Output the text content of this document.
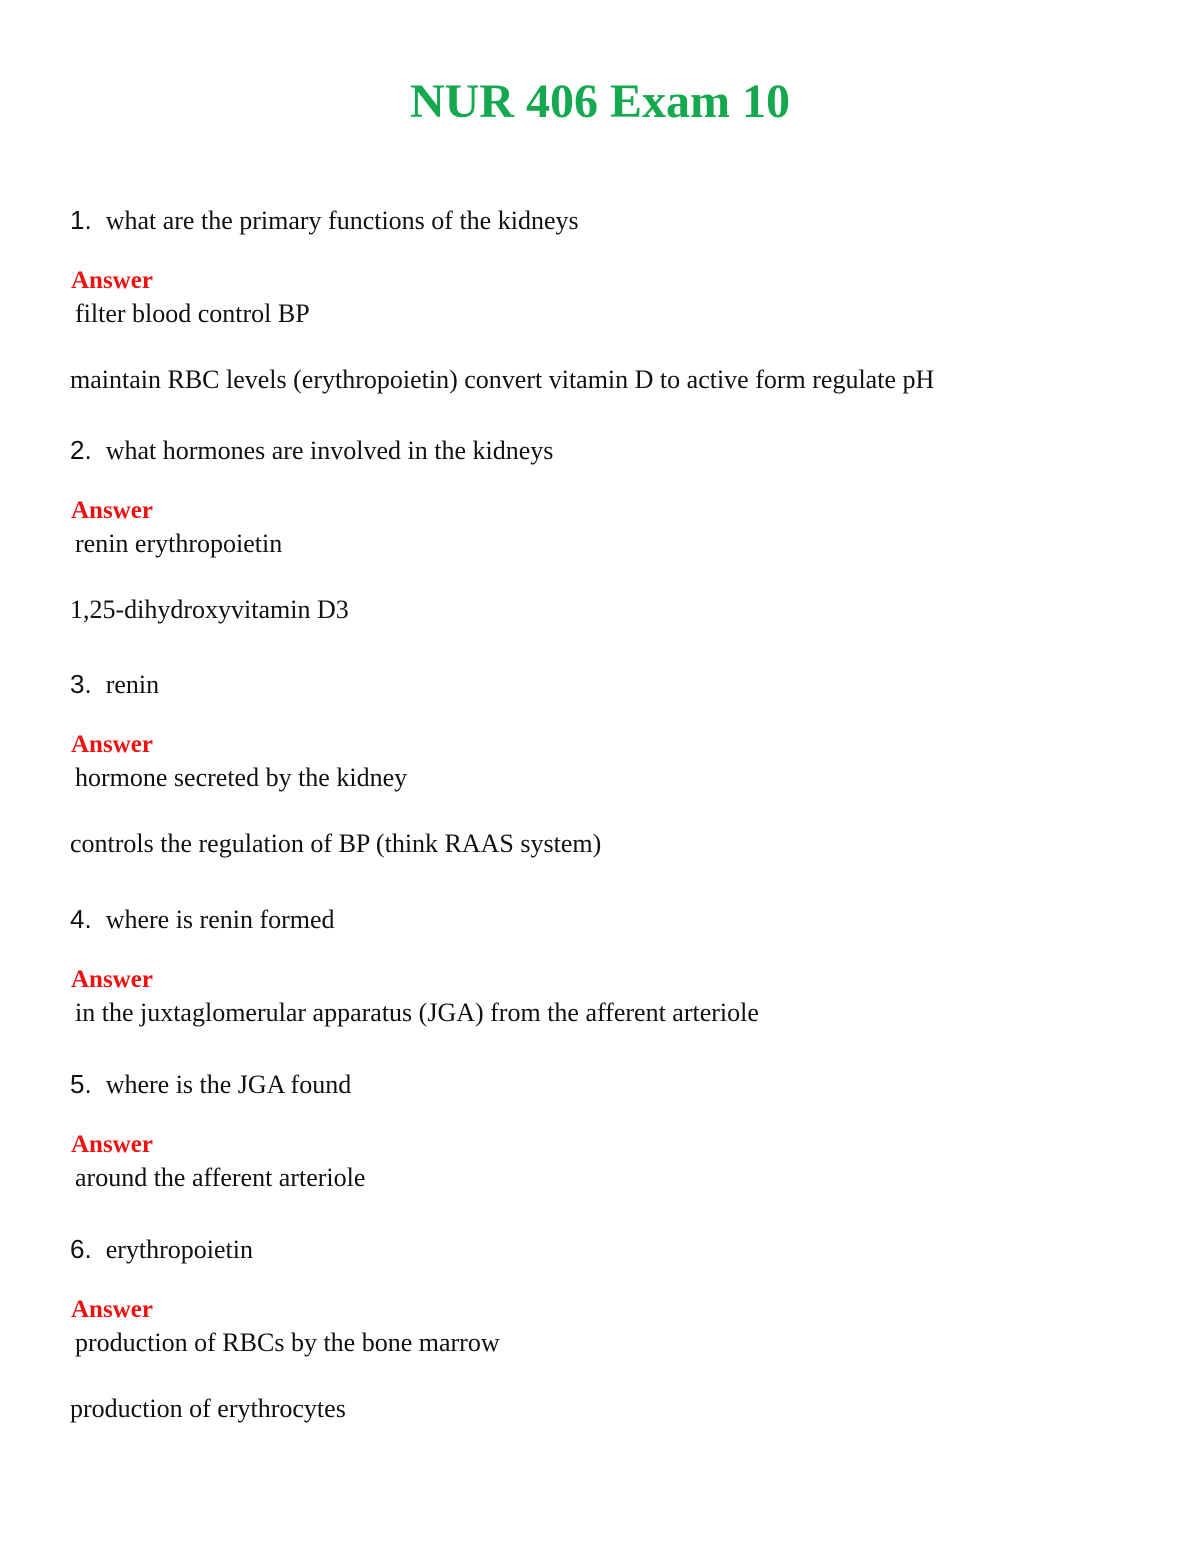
NUR 406 Exam 10
1. what are the primary functions of the kidneys
Answer
filter blood control BP
maintain RBC levels (erythropoietin) convert vitamin D to active form regulate pH
2. what hormones are involved in the kidneys
Answer
renin erythropoietin
1,25-dihydroxyvitamin D3
3. renin
Answer
hormone secreted by the kidney
controls the regulation of BP (think RAAS system)
4. where is renin formed
Answer
in the juxtaglomerular apparatus (JGA) from the afferent arteriole
5. where is the JGA found
Answer
around the afferent arteriole
6. erythropoietin
Answer
production of RBCs by the bone marrow
production of erythrocytes
